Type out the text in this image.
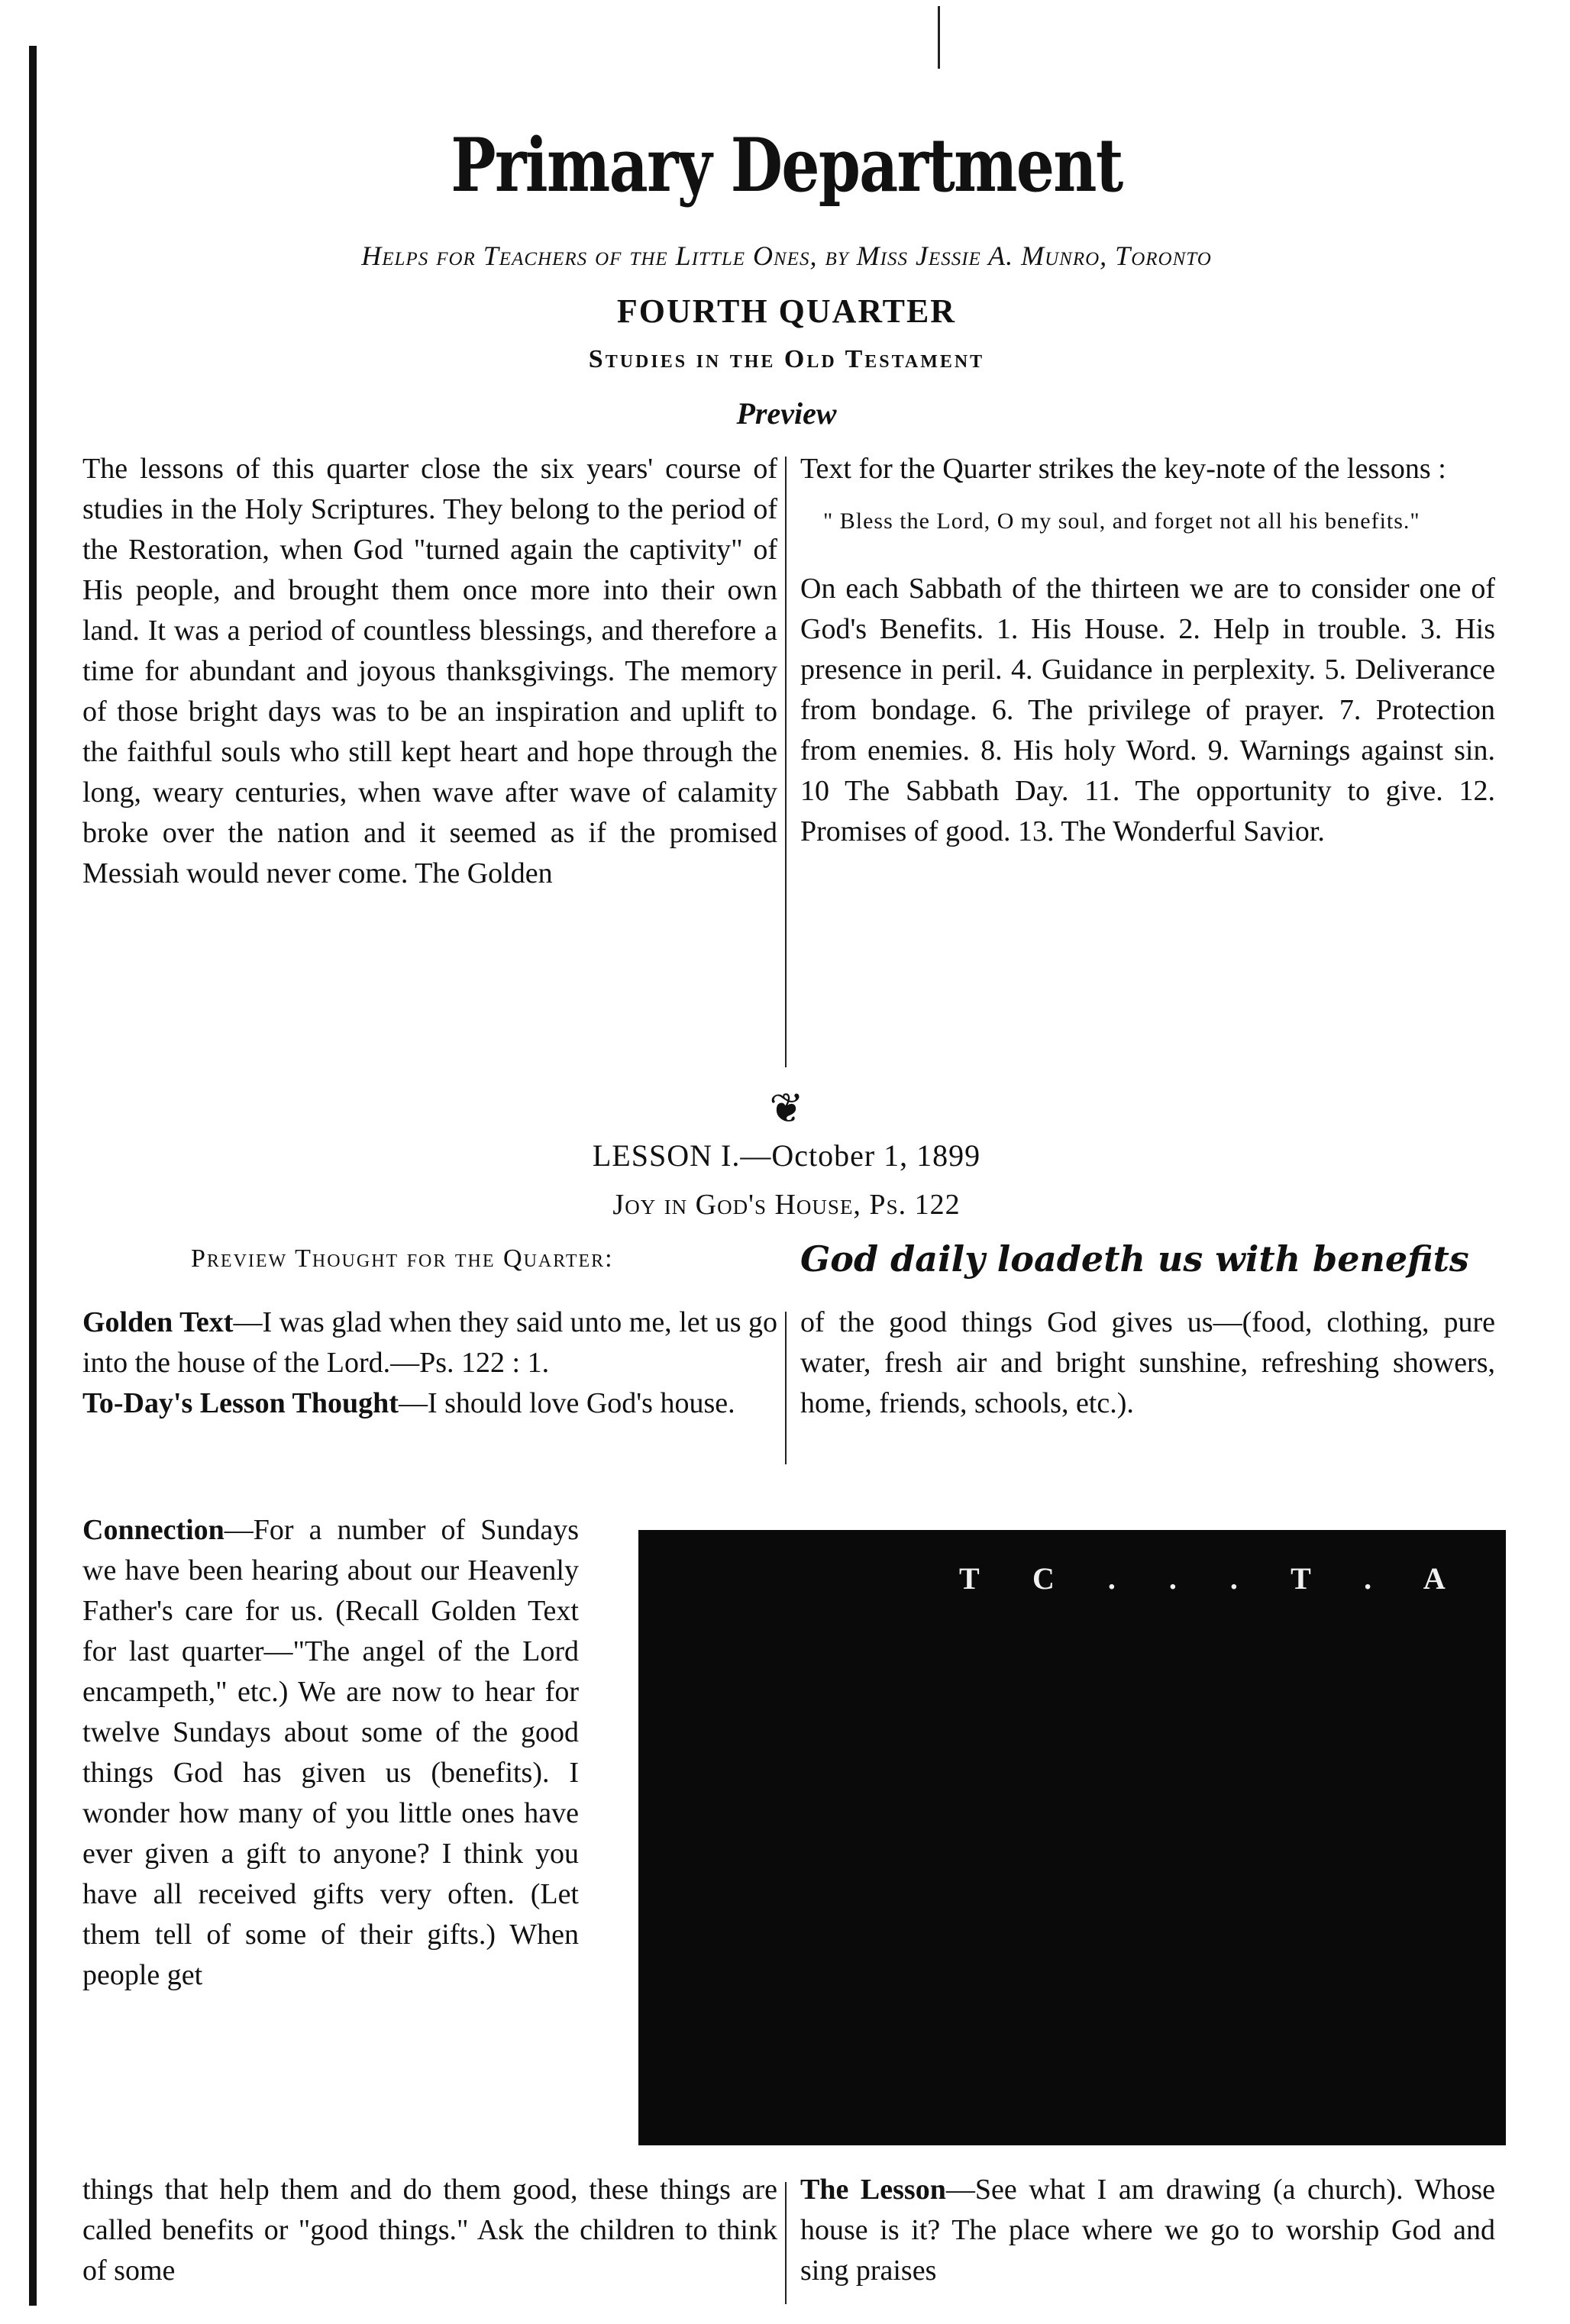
Primary Department
Helps for Teachers of the Little Ones, by Miss Jessie A. Munro, Toronto
FOURTH QUARTER
Studies in the Old Testament
Preview

The lessons of this quarter close the six years' course of studies in the Holy Scriptures. They belong to the period of the Restoration, when God "turned again the captivity" of His people, and brought them once more into their own land. It was a period of countless blessings, and therefore a time for abundant and joyous thanksgivings. The memory of those bright days was to be an inspiration and uplift to the faithful souls who still kept heart and hope through the long, weary centuries, when wave after wave of calamity broke over the nation and it seemed as if the promised Messiah would never come. The Golden

Text for the Quarter strikes the key-note of the lessons :

" Bless the Lord, O my soul, and forget not all his benefits."

On each Sabbath of the thirteen we are to consider one of God's Benefits. 1. His House. 2. Help in trouble. 3. His presence in peril. 4. Guidance in perplexity. 5. Deliverance from bondage. 6. The privilege of prayer. 7. Protection from enemies. 8. His holy Word. 9. Warnings against sin. 10 The Sabbath Day. 11. The opportunity to give. 12. Promises of good. 13. The Wonderful Savior.

❦
LESSON I.—October 1, 1899
Joy in God's House, Ps. 122
Preview Thought for the Quarter:	God daily loadeth us with benefits

Golden Text—I was glad when they said unto me, let us go into the house of the Lord.—Ps. 122 : 1.

To-Day's Lesson Thought—I should love God's house.

of the good things God gives us—(food, clothing, pure water, fresh air and bright sunshine, refreshing showers, home, friends, schools, etc.).

Connection—For a number of Sundays we have been hearing about our Heavenly Father's care for us. (Recall Golden Text for last quarter—"The angel of the Lord encampeth," etc.) We are now to hear for twelve Sundays about some of the good things God has given us (benefits). I wonder how many of you little ones have ever given a gift to anyone? I think you have all received gifts very often. (Let them tell of some of their gifts.) When people get

T C . . . T . A

things that help them and do them good, these things are called benefits or "good things." Ask the children to think of some

The Lesson—See what I am drawing (a church). Whose house is it? The place where we go to worship God and sing praises
